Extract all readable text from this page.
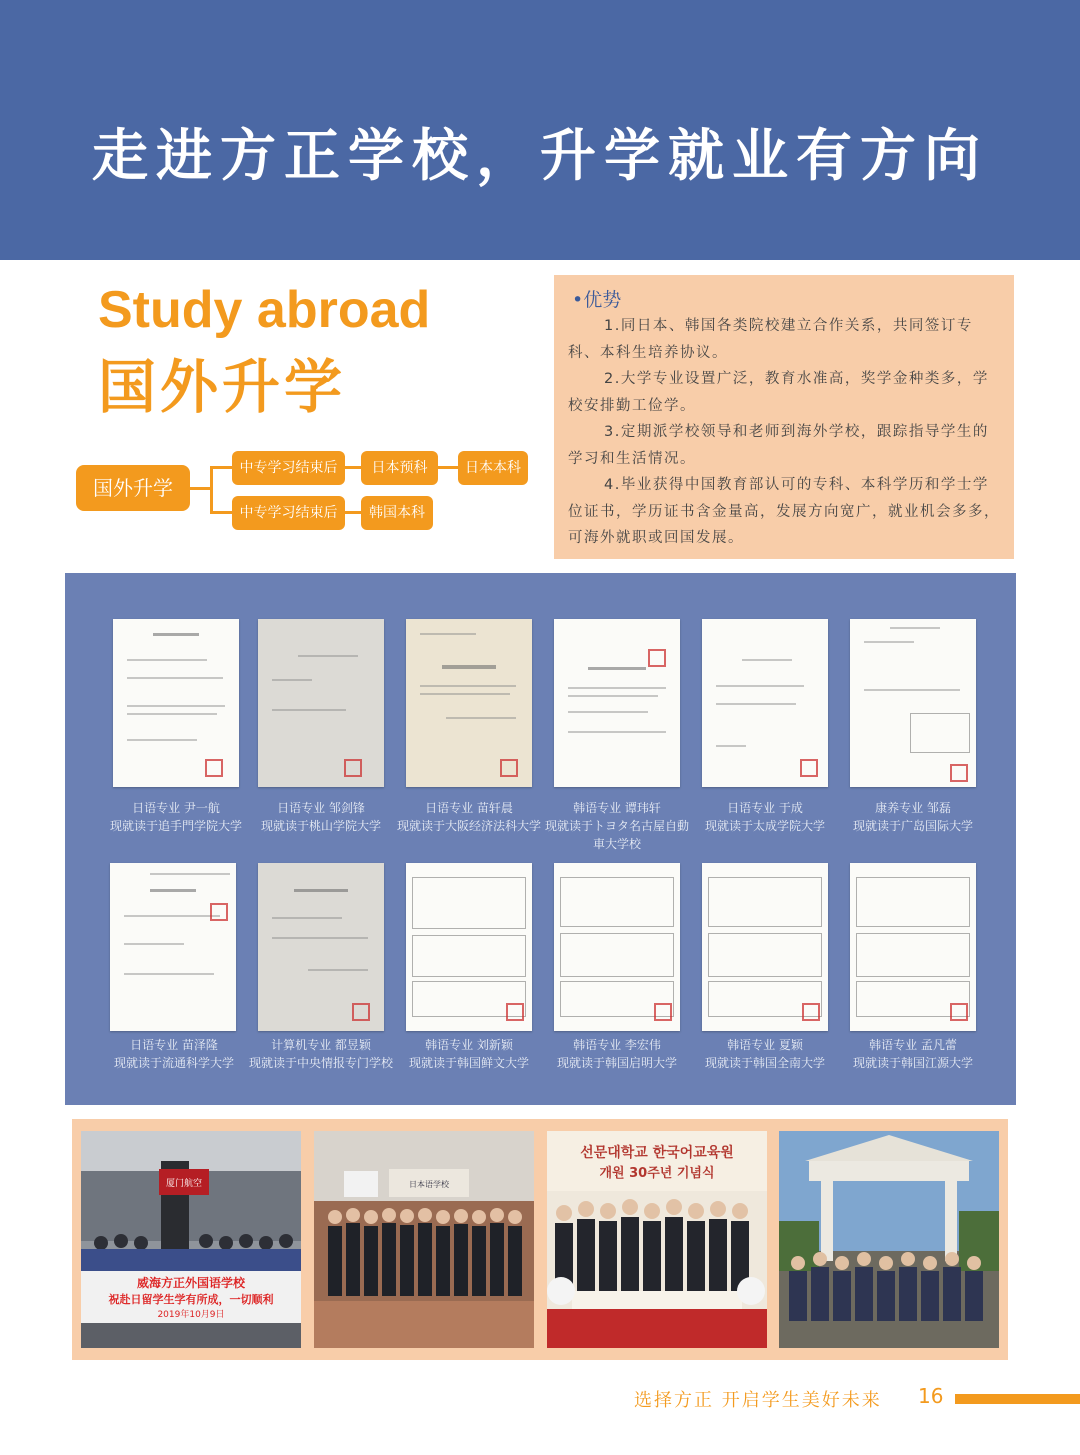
走进方正学校，升学就业有方向
Study abroad
国外升学
国外升学
中专学习结束后	日本预科	日本本科
中专学习结束后	韩国本科
•优势

1.同日本、韩国各类院校建立合作关系，共同签订专科、本科生培养协议。

2.大学专业设置广泛，教育水准高，奖学金种类多，学校安排勤工俭学。

3.定期派学校领导和老师到海外学校，跟踪指导学生的学习和生活情况。

4.毕业获得中国教育部认可的专科、本科学历和学士学位证书，学历证书含金量高，发展方向宽广，就业机会多多，可海外就职或回国发展。

日语专业 尹一航
现就读于追手門学院大学
日语专业 邹剑锋
现就读于桃山学院大学
日语专业 苗轩晨
现就读于大阪经济法科大学
韩语专业 谭玮轩
现就读于トヨタ名古屋自動車大学校
日语专业 于成
现就读于太成学院大学
康养专业 邹磊
现就读于广岛国际大学
日语专业 苗泽隆
现就读于流通科学大学
计算机专业 都昱颖
现就读于中央情报专门学校
韩语专业 刘新颖
现就读于韩国鲜文大学
韩语专业 李宏伟
现就读于韩国启明大学
韩语专业 夏颖
现就读于韩国全南大学
韩语专业 孟凡蕾
现就读于韩国江源大学
厦门航空
威海方正外国语学校
祝赴日留学生学有所成，一切顺利
2019年10月9日
日本语学校
선문대학교 한국어교육원
개원 30주년 기념식
选择方正 开启学生美好未来 16
